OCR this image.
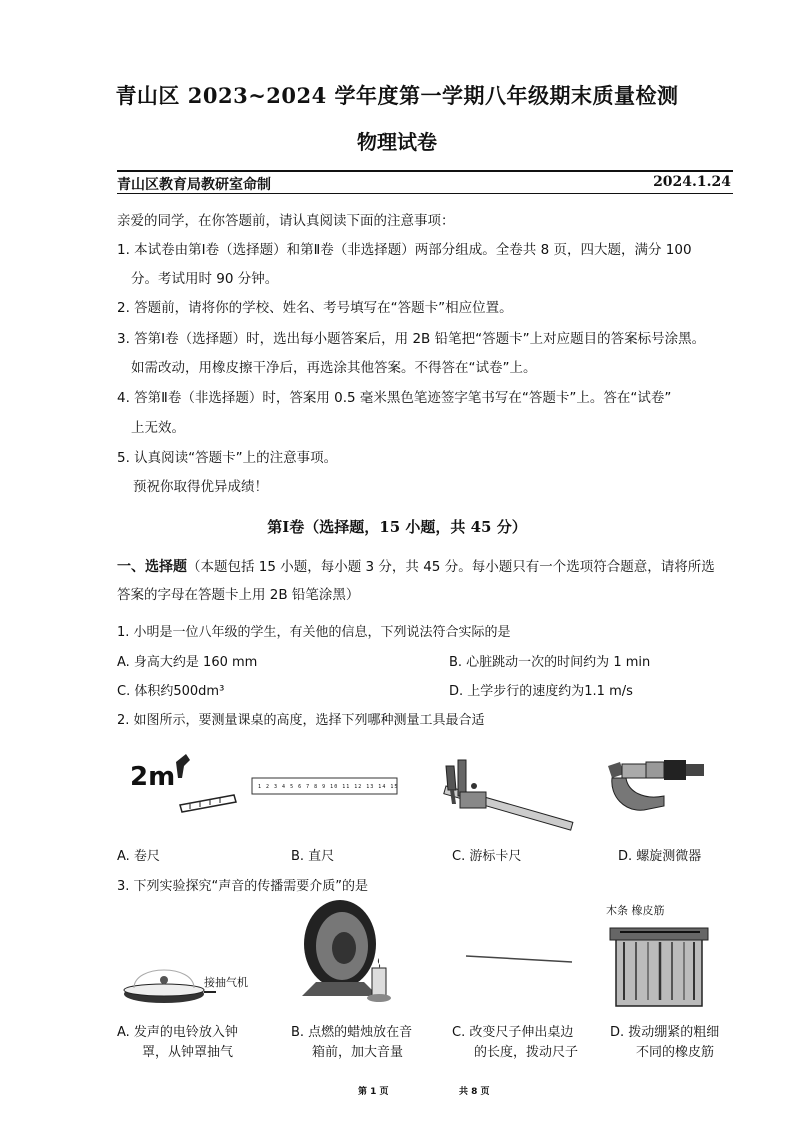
青山区 2023~2024 学年度第一学期八年级期末质量检测
物理试卷
青山区教育局教研室命制	2024.1.24
亲爱的同学，在你答题前，请认真阅读下面的注意事项：
1. 本试卷由第Ⅰ卷（选择题）和第Ⅱ卷（非选择题）两部分组成。全卷共 8 页，四大题，满分 100
分。考试用时 90 分钟。
2. 答题前，请将你的学校、姓名、考号填写在“答题卡”相应位置。
3. 答第Ⅰ卷（选择题）时，选出每小题答案后，用 2B 铅笔把“答题卡”上对应题目的答案标号涂黑。
如需改动，用橡皮擦干净后，再选涂其他答案。不得答在“试卷”上。
4. 答第Ⅱ卷（非选择题）时，答案用 0.5 毫米黑色笔迹签字笔书写在“答题卡”上。答在“试卷”
上无效。
5. 认真阅读“答题卡”上的注意事项。
预祝你取得优异成绩！
第Ⅰ卷（选择题，15 小题，共 45 分）
一、选择题（本题包括 15 小题，每小题 3 分，共 45 分。每小题只有一个选项符合题意，请将所选
答案的字母在答题卡上用 2B 铅笔涂黑）
1. 小明是一位八年级的学生，有关他的信息，下列说法符合实际的是
A. 身高大约是 160 mm	B. 心脏跳动一次的时间约为 1 min
C. 体积约500dm³	D. 上学步行的速度约为1.1 m/s
2. 如图所示，要测量课桌的高度，选择下列哪种测量工具最合适
2m	1 2 3 4 5 6 7 8 9 10 11 12 13 14 15
A. 卷尺	B. 直尺	C. 游标卡尺	D. 螺旋测微器
3. 下列实验探究“声音的传播需要介质”的是
接抽气机
木条 橡皮筋
A. 发声的电铃放入钟
罩，从钟罩抽气
B. 点燃的蜡烛放在音
箱前，加大音量
C. 改变尺子伸出桌边
的长度，拨动尺子
D. 拨动绷紧的粗细
不同的橡皮筋
第 1 页	共 8 页
